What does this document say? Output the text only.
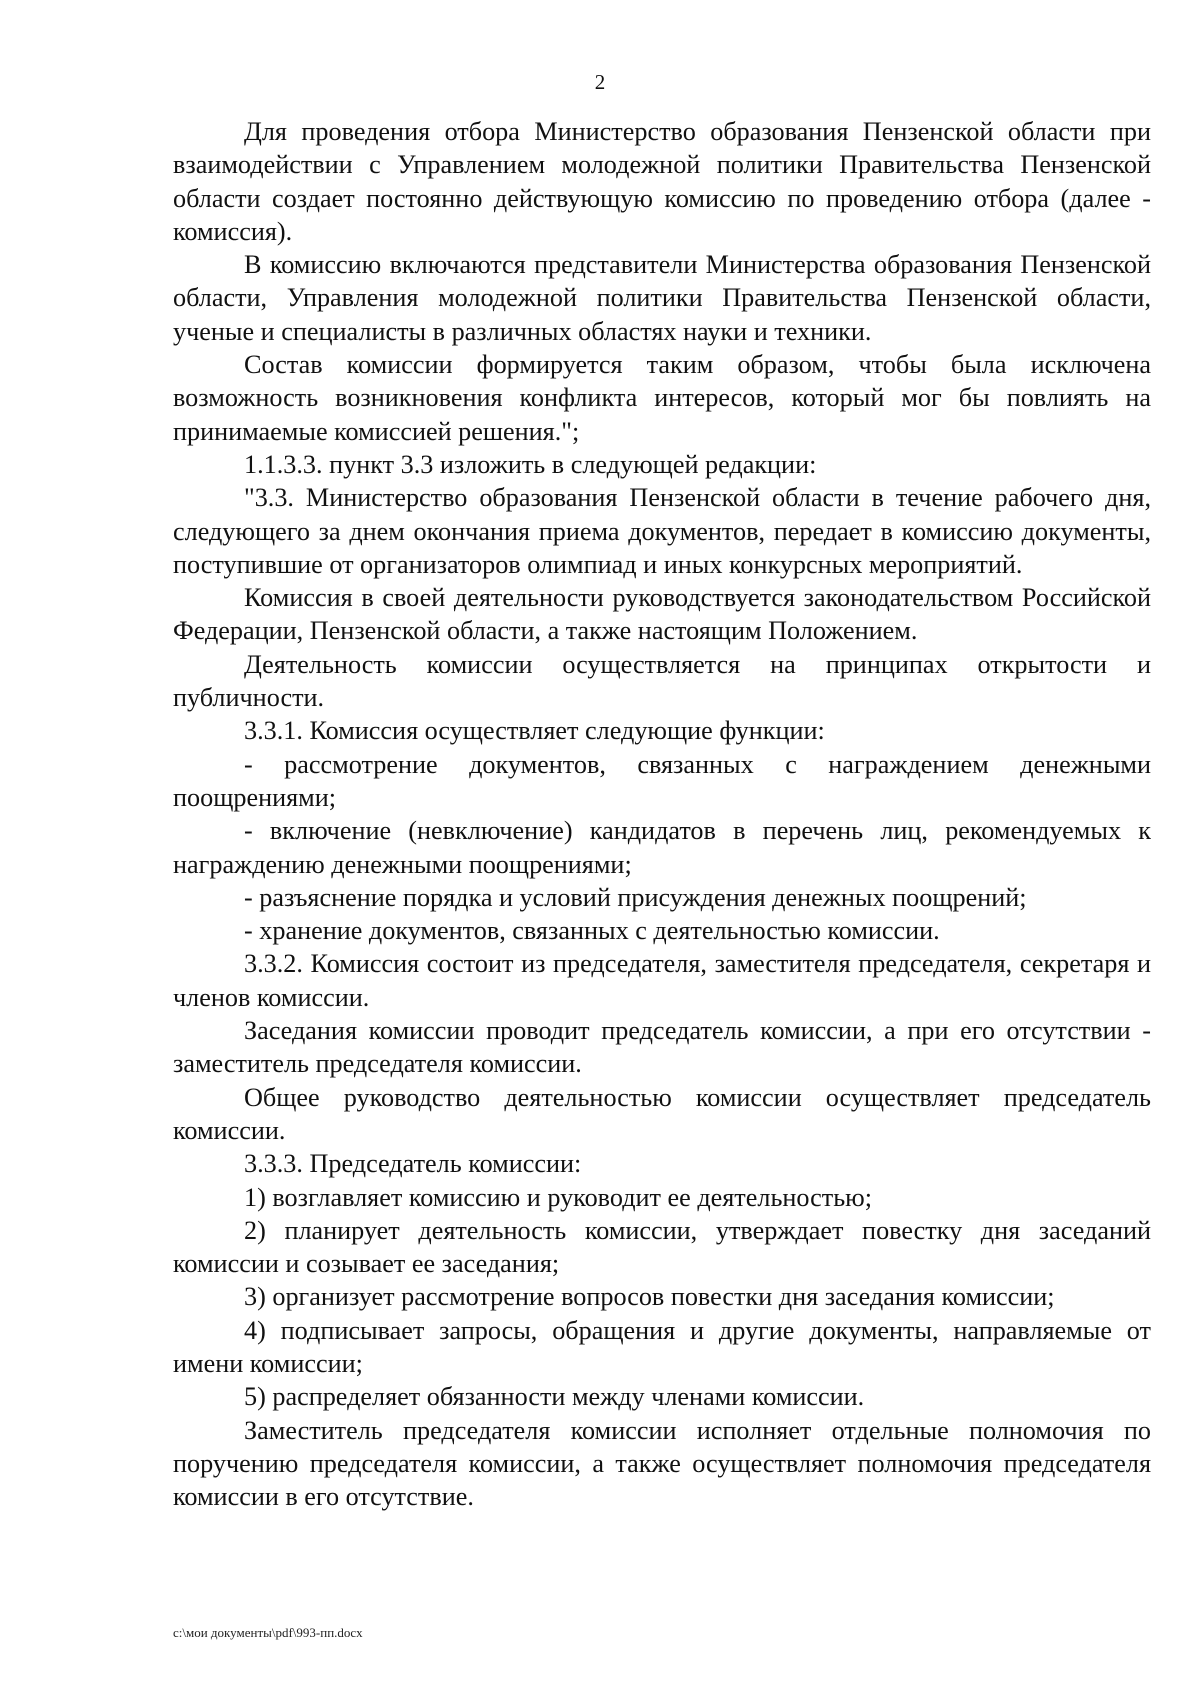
2

Для проведения отбора Министерство образования Пензенской области при взаимодействии с Управлением молодежной политики Правительства Пензенской области создает постоянно действующую комиссию по проведению отбора (далее - комиссия).

В комиссию включаются представители Министерства образования Пензенской области, Управления молодежной политики Правительства Пензенской области, ученые и специалисты в различных областях науки и техники.

Состав комиссии формируется таким образом, чтобы была исключена возможность возникновения конфликта интересов, который мог бы повлиять на принимаемые комиссией решения.";

1.1.3.3. пункт 3.3 изложить в следующей редакции:

"3.3. Министерство образования Пензенской области в течение рабочего дня, следующего за днем окончания приема документов, передает в комиссию документы, поступившие от организаторов олимпиад и иных конкурсных мероприятий.

Комиссия в своей деятельности руководствуется законодательством Российской Федерации, Пензенской области, а также настоящим Положением.

Деятельность комиссии осуществляется на принципах открытости и публичности.

3.3.1. Комиссия осуществляет следующие функции:

- рассмотрение документов, связанных с награждением денежными поощрениями;

- включение (невключение) кандидатов в перечень лиц, рекомендуемых к награждению денежными поощрениями;

- разъяснение порядка и условий присуждения денежных поощрений;

- хранение документов, связанных с деятельностью комиссии.

3.3.2. Комиссия состоит из председателя, заместителя председателя, секретаря и членов комиссии.

Заседания комиссии проводит председатель комиссии, а при его отсутствии - заместитель председателя комиссии.

Общее руководство деятельностью комиссии осуществляет председатель комиссии.

3.3.3. Председатель комиссии:

1) возглавляет комиссию и руководит ее деятельностью;

2) планирует деятельность комиссии, утверждает повестку дня заседаний комиссии и созывает ее заседания;

3) организует рассмотрение вопросов повестки дня заседания комиссии;

4) подписывает запросы, обращения и другие документы, направляемые от имени комиссии;

5) распределяет обязанности между членами комиссии.

Заместитель председателя комиссии исполняет отдельные полномочия по поручению председателя комиссии, а также осуществляет полномочия председателя комиссии в его отсутствие.

c:\мои документы\pdf\993-пп.docx
